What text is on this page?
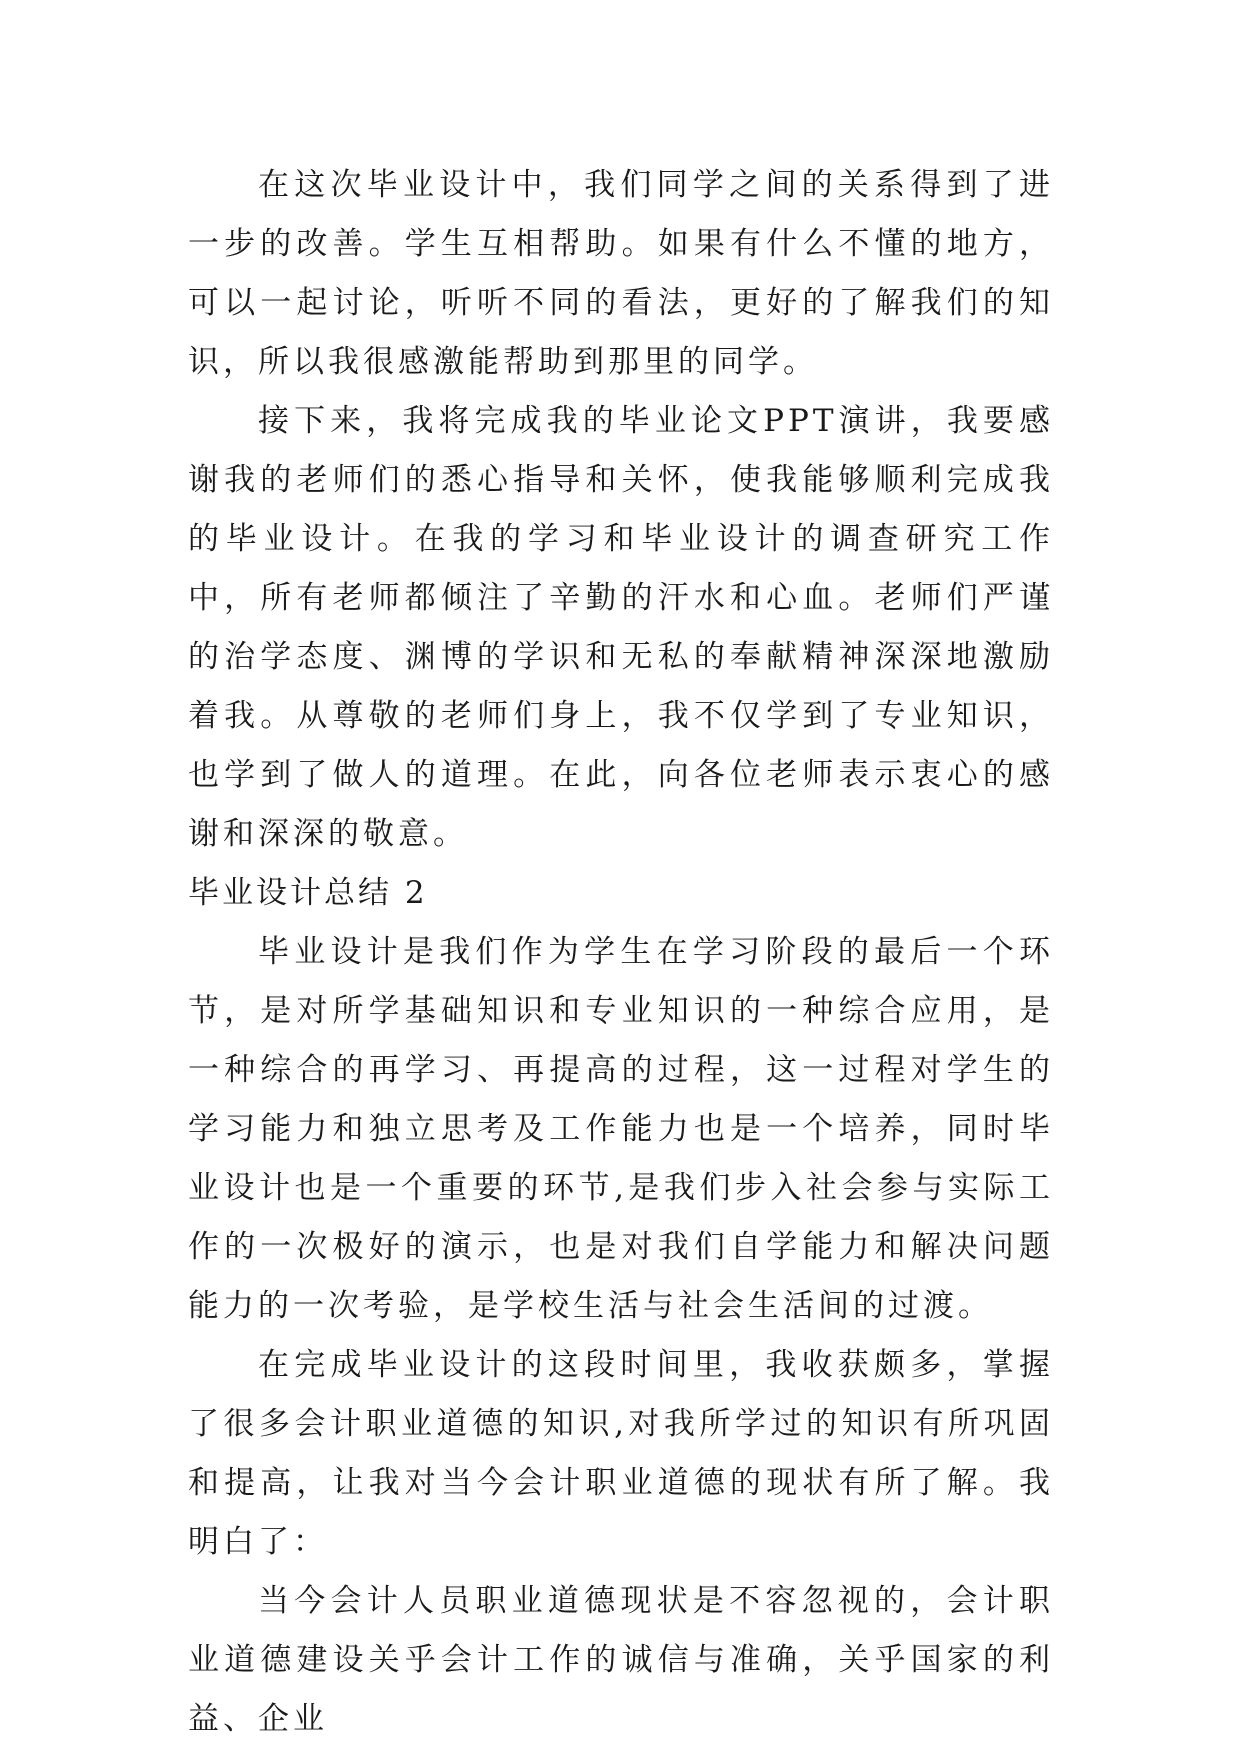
在这次毕业设计中，我们同学之间的关系得到了进一步的改善。学生互相帮助。如果有什么不懂的地方，可以一起讨论，听听不同的看法，更好的了解我们的知识，所以我很感激能帮助到那里的同学。

接下来，我将完成我的毕业论文PPT演讲，我要感谢我的老师们的悉心指导和关怀，使我能够顺利完成我的毕业设计。在我的学习和毕业设计的调查研究工作中，所有老师都倾注了辛勤的汗水和心血。老师们严谨的治学态度、渊博的学识和无私的奉献精神深深地激励着我。从尊敬的老师们身上，我不仅学到了专业知识，也学到了做人的道理。在此，向各位老师表示衷心的感谢和深深的敬意。

毕业设计总结 2

毕业设计是我们作为学生在学习阶段的最后一个环节，是对所学基础知识和专业知识的一种综合应用，是一种综合的再学习、再提高的过程，这一过程对学生的学习能力和独立思考及工作能力也是一个培养，同时毕业设计也是一个重要的环节,是我们步入社会参与实际工作的一次极好的演示，也是对我们自学能力和解决问题能力的一次考验，是学校生活与社会生活间的过渡。

在完成毕业设计的这段时间里，我收获颇多，掌握了很多会计职业道德的知识,对我所学过的知识有所巩固和提高，让我对当今会计职业道德的现状有所了解。我明白了：

当今会计人员职业道德现状是不容忽视的，会计职业道德建设关乎会计工作的诚信与准确，关乎国家的利益、企业
